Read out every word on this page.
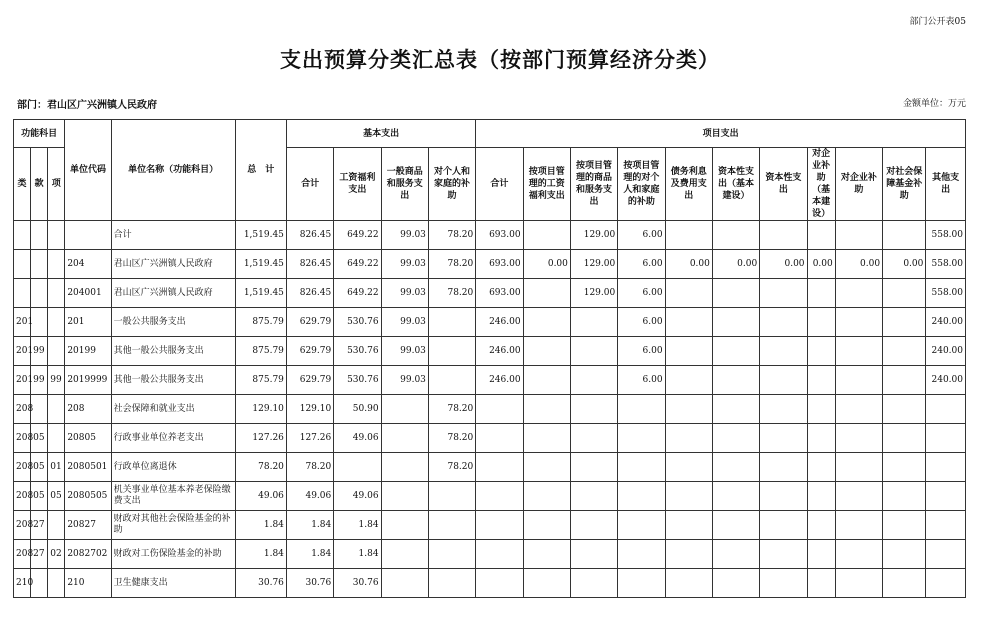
部门公开表05
支出预算分类汇总表（按部门预算经济分类）
部门：君山区广兴洲镇人民政府	金额单位：万元
功能科目			单位代码	单位名称（功能科目）	总　计	基本支出				项目支出										
类	款	项				合计	工资福利支出	一般商品和服务支出	对个人和家庭的补助	合计	按项目管理的工资福利支出	按项目管理的商品和服务支出	按项目管理的对个人和家庭的补助	债务利息及费用支出	资本性支出（基本建设）	资本性支出	对企业补助（基本建设）	对企业补助	对社会保障基金补助	其他支出
				合计	1,519.45	826.45	649.22	99.03	78.20	693.00		129.00	6.00							558.00
			204	君山区广兴洲镇人民政府	1,519.45	826.45	649.22	99.03	78.20	693.00	0.00	129.00	6.00	0.00	0.00	0.00	0.00	0.00	0.00	558.00
			204001	君山区广兴洲镇人民政府	1,519.45	826.45	649.22	99.03	78.20	693.00		129.00	6.00							558.00
201			201	一般公共服务支出	875.79	629.79	530.76	99.03		246.00			6.00							240.00
201	99		20199	其他一般公共服务支出	875.79	629.79	530.76	99.03		246.00			6.00							240.00
201	99	99	2019999	其他一般公共服务支出	875.79	629.79	530.76	99.03		246.00			6.00							240.00
208			208	社会保障和就业支出	129.10	129.10	50.90		78.20											
208	05		20805	行政事业单位养老支出	127.26	127.26	49.06		78.20											
208	05	01	2080501	行政单位离退休	78.20	78.20			78.20											
208	05	05	2080505	机关事业单位基本养老保险缴费支出	49.06	49.06	49.06													
208	27		20827	财政对其他社会保险基金的补助	1.84	1.84	1.84													
208	27	02	2082702	财政对工伤保险基金的补助	1.84	1.84	1.84													
210			210	卫生健康支出	30.76	30.76	30.76													
